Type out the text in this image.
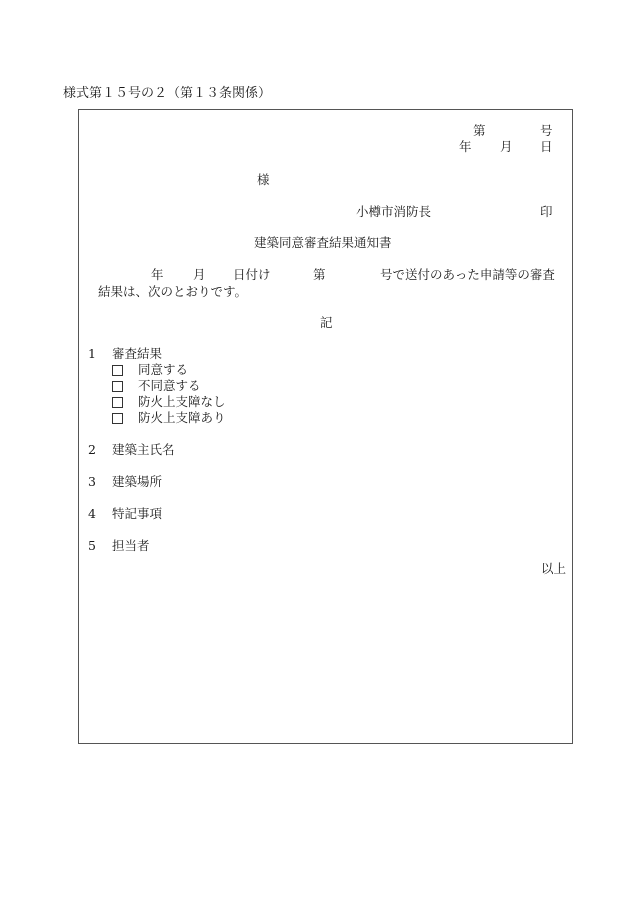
様式第１５号の２（第１３条関係）
第	号
年 月 日
様
小樽市消防長	印
建築同意審査結果通知書
年 月 日付け	第	号で送付のあった申請等の審査
結果は、次のとおりです。
記
1 審査結果
同意する
不同意する
防火上支障なし
防火上支障あり
2 建築主氏名
3 建築場所
4 特記事項
5 担当者
以上
